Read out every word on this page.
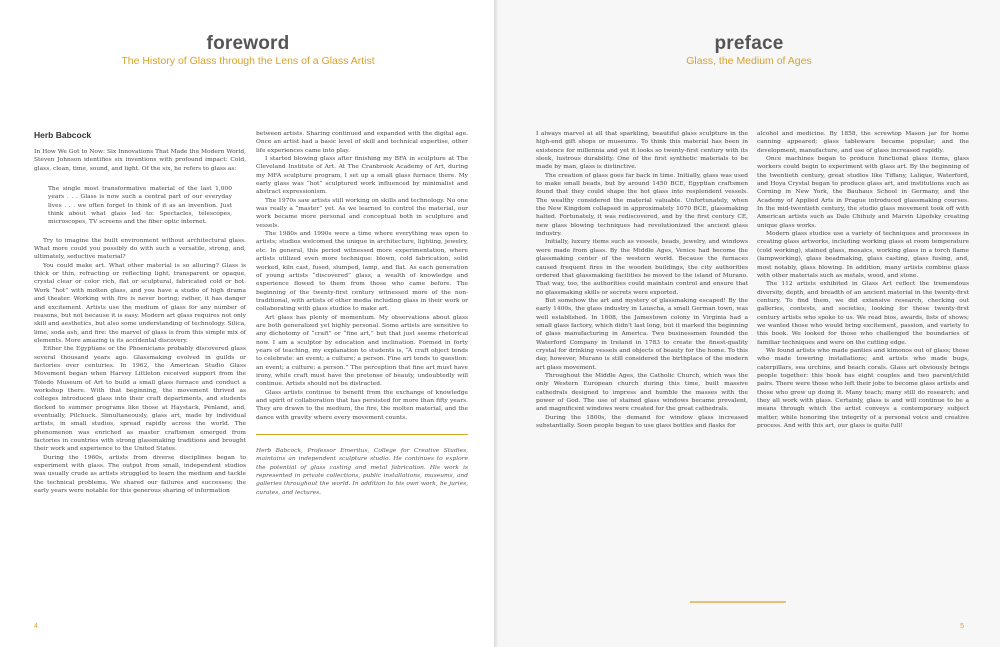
foreword
The History of Glass through the Lens of a Glass Artist
Herb Babcock

In How We Got to Now: Six Innovations That Made the Modern World, Steven Johnson identifies six inventions with profound impact: Cold, glass, clean, time, sound, and light. Of the six, he refers to glass as:

The single most transformative material of the last 1,000 years . . . Glass is now such a central part of our everyday lives . . . we often forget to think of it as an invention. Just think about what glass led to: Spectacles, telescopes, microscopes, TV screens and the fiber optic internet.

Try to imagine the built environment without architectural glass. What more could you possibly do with such a versatile, strong, and, ultimately, seductive material?

You could make art. What other material is so alluring? Glass is thick or thin, refracting or reflecting light, transparent or opaque, crystal clear or color rich, flat or sculptural, fabricated cold or hot. Work “hot” with molten glass, and you have a studio of high drama and theater. Working with fire is never boring; rather, it has danger and excitement. Artists use the medium of glass for any number of reasons, but not because it is easy. Modern art glass requires not only skill and aesthetics, but also some understanding of technology. Silica, lime, soda ash, and fire: the marvel of glass is from this simple mix of elements. More amazing is its accidental discovery.

Either the Egyptians or the Phoenicians probably discovered glass several thousand years ago. Glassmaking evolved in guilds or factories over centuries. In 1962, the American Studio Glass Movement began when Harvey Littleton received support from the Toledo Museum of Art to build a small glass furnace and conduct a workshop there. With that beginning, the movement thrived as colleges introduced glass into their craft departments, and students flocked to summer programs like those at Haystack, Penland, and, eventually, Pilchuck. Simultaneously, glass art, made by individual artists, in small studios, spread rapidly across the world. The phenomenon was enriched as master craftsmen emerged from factories in countries with strong glassmaking traditions and brought their work and experience to the United States.

During the 1960s, artists from diverse disciplines began to experiment with glass. The output from small, independent studios was usually crude as artists struggled to learn the medium and tackle the technical problems. We shared our failures and successes; the early years were notable for this generous sharing of information

between artists. Sharing continued and expanded with the digital age. Once an artist had a basic level of skill and technical expertise, other life experiences came into play.

I started blowing glass after finishing my BFA in sculpture at The Cleveland Institute of Art. At The Cranbrook Academy of Art, during my MFA sculpture program, I set up a small glass furnace there. My early glass was “hot” sculptured work influenced by minimalist and abstract expressionism.

The 1970s saw artists still working on skills and technology. No one was really a “master” yet. As we learned to control the material, our work became more personal and conceptual both in sculpture and vessels.

The 1980s and 1990s were a time where everything was open to artists; studios welcomed the unique in architecture, lighting, jewelry, etc. In general, this period witnessed more experimentation, where artists utilized even more technique: blown, cold fabrication, solid worked, kiln cast, fused, slumped, lamp, and flat. As each generation of young artists “discovered” glass, a wealth of knowledge and experience flowed to them from those who came before. The beginning of the twenty-first century witnessed more of the non-traditional, with artists of other media including glass in their work or collaborating with glass studios to make art.

Art glass has plenty of momentum. My observations about glass are both generalized yet highly personal. Some artists are sensitive to any dichotomy of “craft” or “fine art,” but that just seems rhetorical now. I am a sculptor by education and inclination. Formed in forty years of teaching, my explanation to students is, “A craft object tends to celebrate: an event; a culture; a person. Fine art tends to question: an event; a culture; a person.” The perception that fine art must have irony, while craft must have the pretense of beauty, undoubtedly will continue. Artists should not be distracted.

Glass artists continue to benefit from the exchange of knowledge and spirit of collaboration that has persisted for more than fifty years. They are drawn to the medium, the fire, the molten material, and the dance with gravity where every movement counts.

Herb Babcock, Professor Emeritus, College for Creative Studies, maintains an independent sculpture studio. He continues to explore the potential of glass casting and metal fabrication. His work is represented in private collections, public installations, museums, and galleries throughout the world. In addition to his own work, he juries, curates, and lectures.

4
preface
Glass, the Medium of Ages

I always marvel at all that sparkling, beautiful glass sculpture in the high-end gift shops or museums. To think this material has been in existence for millennia and yet it looks so twenty-first century with its sleek, lustrous durability. One of the first synthetic materials to be made by man, glass is distinctive.

The creation of glass goes far back in time. Initially, glass was used to make small beads, but by around 1450 BCE, Egyptian craftsmen found that they could shape the hot glass into resplendent vessels. The wealthy considered the material valuable. Unfortunately, when the New Kingdom collapsed in approximately 1070 BCE, glassmaking halted. Fortunately, it was rediscovered, and by the first century CE, new glass blowing techniques had revolutionized the ancient glass industry.

Initially, luxury items such as vessels, beads, jewelry, and windows were made from glass. By the Middle Ages, Venice had become the glassmaking center of the western world. Because the furnaces caused frequent fires in the wooden buildings, the city authorities ordered that glassmaking facilities be moved to the island of Murano. That way, too, the authorities could maintain control and ensure that no glassmaking skills or secrets were exported.

But somehow the art and mystery of glassmaking escaped! By the early 1400s, the glass industry in Lauscha, a small German town, was well established. In 1608, the Jamestown colony in Virginia had a small glass factory, which didn’t last long, but it marked the beginning of glass manufacturing in America. Two businessmen founded the Waterford Company in Ireland in 1783 to create the finest-quality crystal for drinking vessels and objects of beauty for the home. To this day, however, Murano is still considered the birthplace of the modern art glass movement.

Throughout the Middle Ages, the Catholic Church, which was the only Western European church during this time, built massive cathedrals designed to impress and humble the masses with the power of God. The use of stained glass windows became prevalent, and magnificent windows were created for the great cathedrals.

During the 1800s, the demand for window glass increased substantially. Soon people began to use glass bottles and flasks for

alcohol and medicine. By 1858, the screwtop Mason jar for home canning appeared; glass tableware became popular; and the development, manufacture, and use of glass increased rapidly.

Once machines began to produce functional glass items, glass workers could begin to experiment with glass art. By the beginning of the twentieth century, great studios like Tiffany, Lalique, Waterford, and Hoya Crystal began to produce glass art, and institutions such as Corning in New York, the Bauhaus School in Germany, and the Academy of Applied Arts in Prague introduced glassmaking courses. In the mid-twentieth century, the studio glass movement took off with American artists such as Dale Chihuly and Marvin Lipofsky creating unique glass works.

Modern glass studios use a variety of techniques and processes in creating glass artworks, including working glass at room temperature (cold working), stained glass, mosaics, working glass in a torch flame (lampworking), glass beadmaking, glass casting, glass fusing, and, most notably, glass blowing. In addition, many artists combine glass with other materials such as metals, wood, and stone.

The 112 artists exhibited in Glass Art reflect the tremendous diversity, depth, and breadth of an ancient material in the twenty-first century. To find them, we did extensive research, checking out galleries, contests, and societies, looking for these twenty-first century artists who spoke to us. We read bios, awards, lists of shows; we wanted those who would bring excitement, passion, and variety to this book. We looked for those who challenged the boundaries of familiar techniques and were on the cutting edge.

We found artists who made panties and kimonos out of glass; those who made towering installations; and artists who made bugs, caterpillars, sea urchins, and beach corals. Glass art obviously brings people together: this book has eight couples and two parent/child pairs. There were those who left their jobs to become glass artists and those who grew up doing it. Many teach; many still do research; and they all work with glass. Certainly, glass is and will continue to be a means through which the artist conveys a contemporary subject matter, while honoring the integrity of a personal voice and creative process. And with this art, our glass is quite full!

5
